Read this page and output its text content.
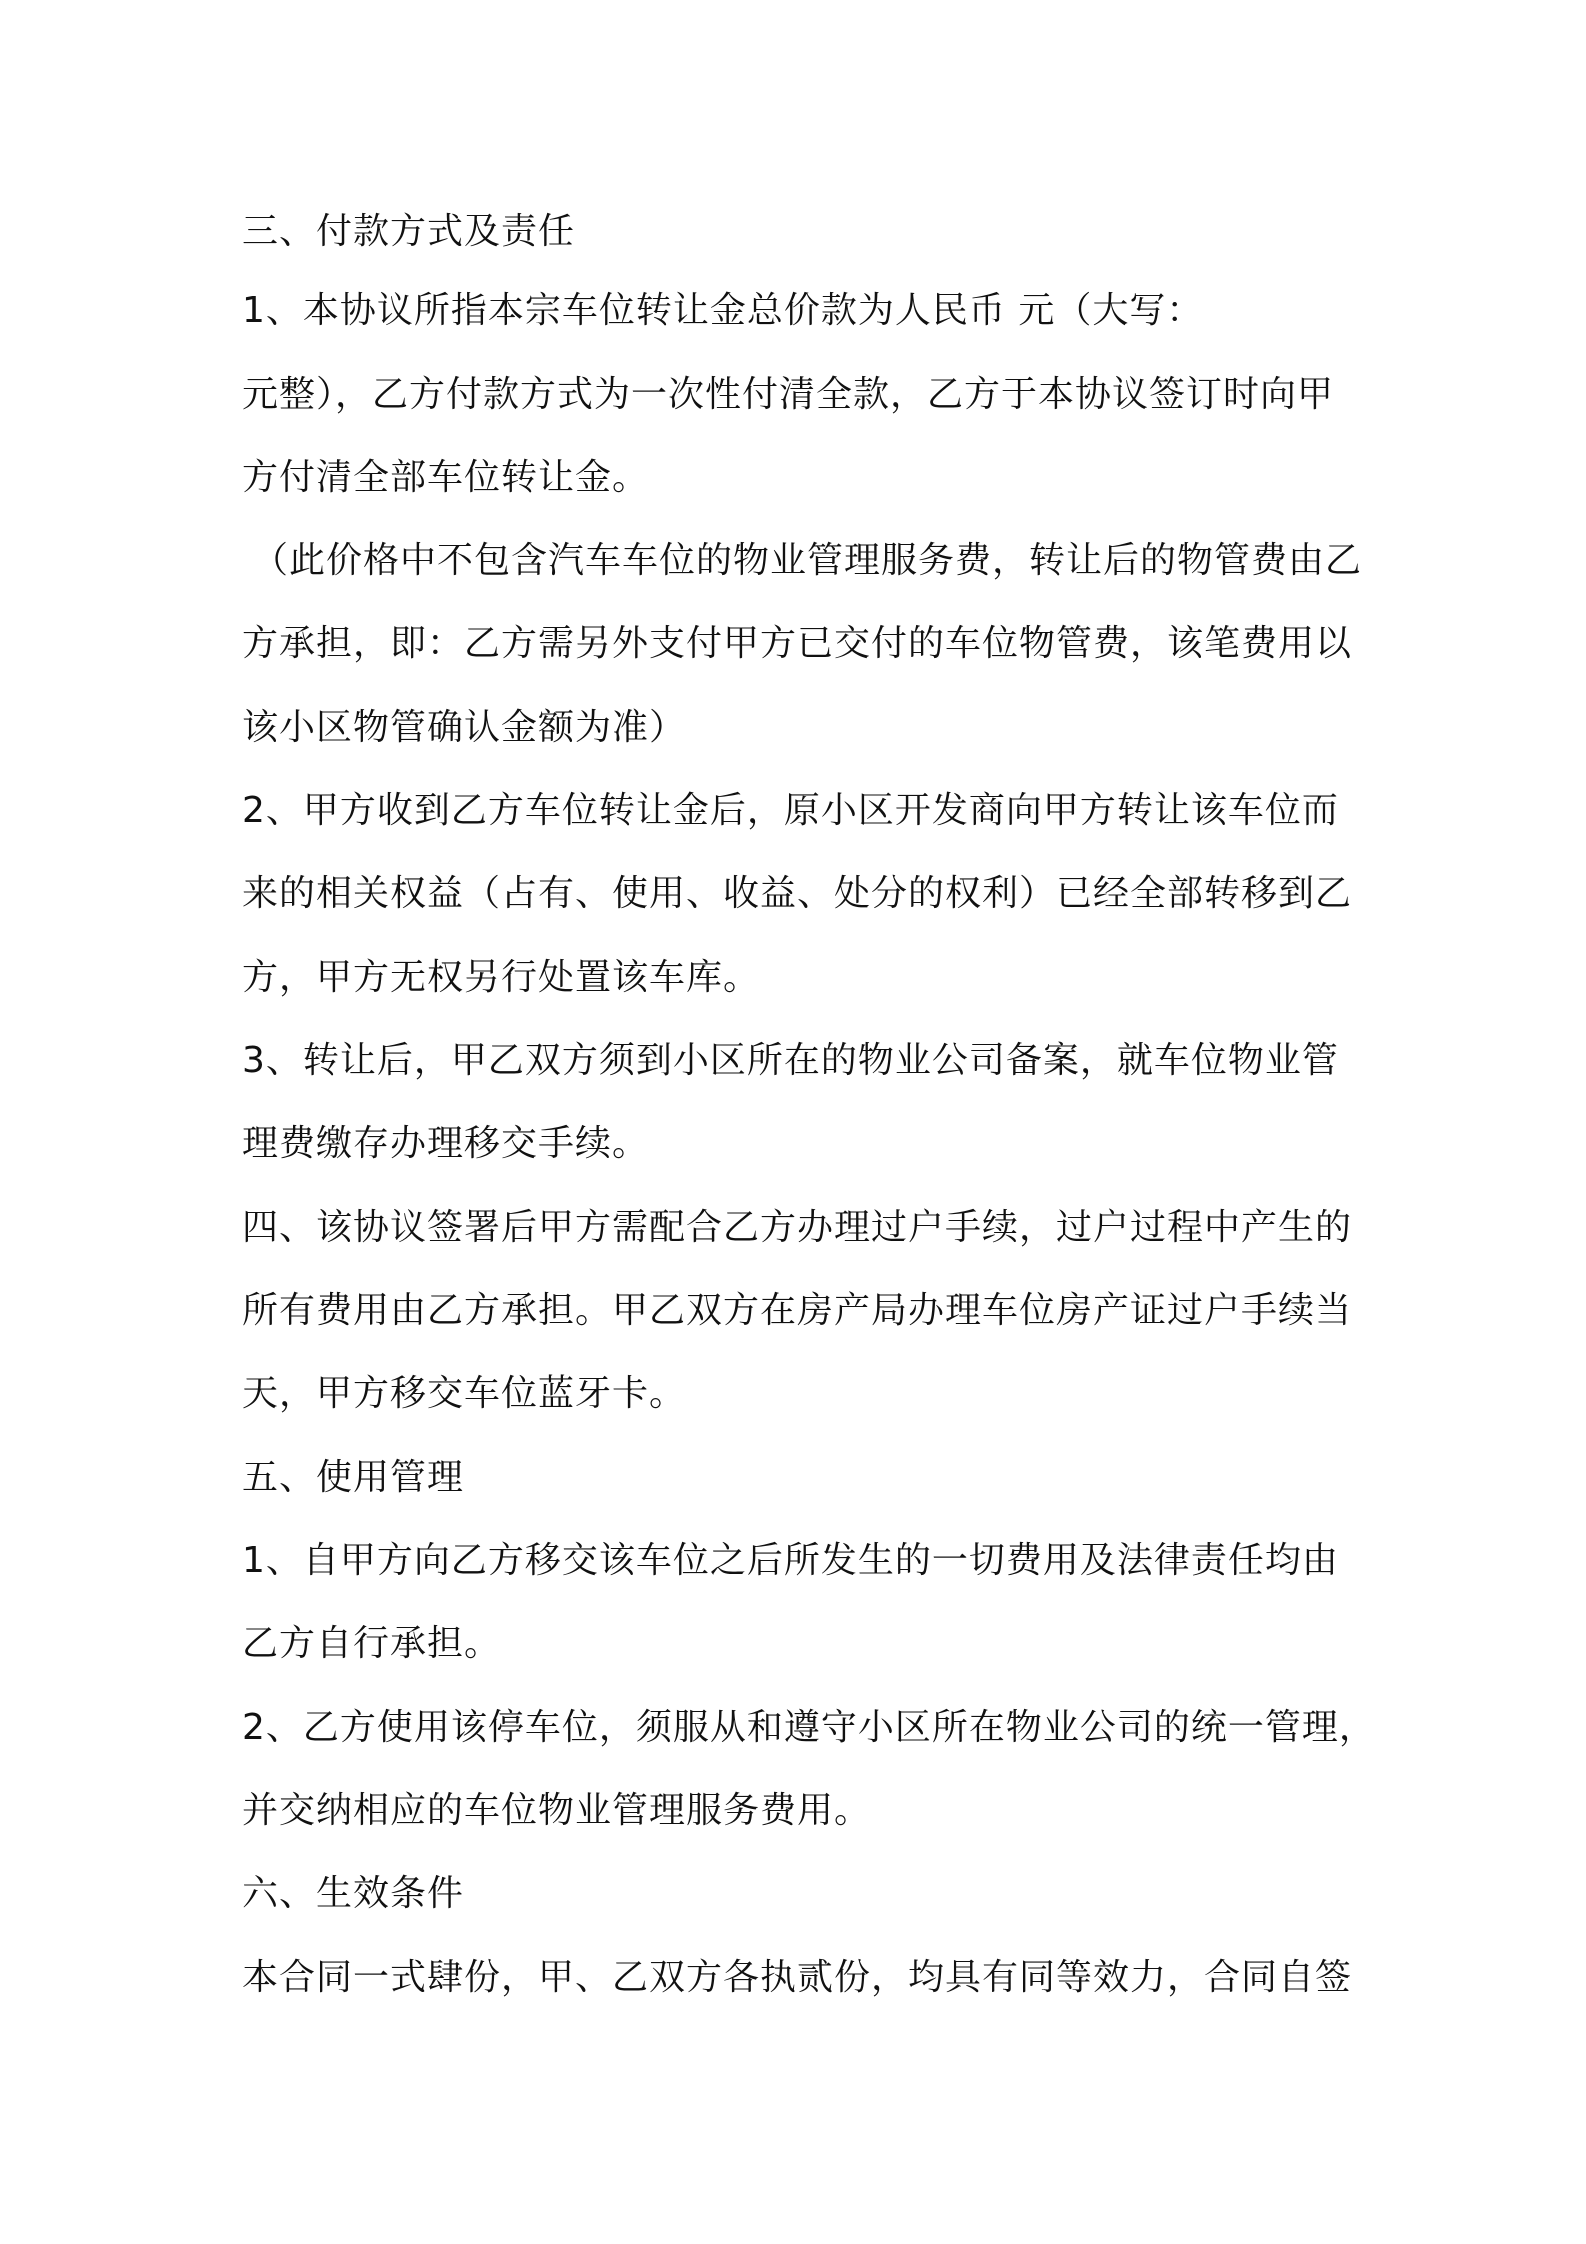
三、付款方式及责任
1、本协议所指本宗车位转让金总价款为人民币 元（大写：
元整），乙方付款方式为一次性付清全款，乙方于本协议签订时向甲
方付清全部车位转让金。
（此价格中不包含汽车车位的物业管理服务费，转让后的物管费由乙
方承担，即：乙方需另外支付甲方已交付的车位物管费，该笔费用以
该小区物管确认金额为准）
2、甲方收到乙方车位转让金后，原小区开发商向甲方转让该车位而
来的相关权益（占有、使用、收益、处分的权利）已经全部转移到乙
方，甲方无权另行处置该车库。
3、转让后，甲乙双方须到小区所在的物业公司备案，就车位物业管
理费缴存办理移交手续。
四、该协议签署后甲方需配合乙方办理过户手续，过户过程中产生的
所有费用由乙方承担。甲乙双方在房产局办理车位房产证过户手续当
天，甲方移交车位蓝牙卡。
五、使用管理
1、自甲方向乙方移交该车位之后所发生的一切费用及法律责任均由
乙方自行承担。
2、乙方使用该停车位，须服从和遵守小区所在物业公司的统一管理，
并交纳相应的车位物业管理服务费用。
六、生效条件
本合同一式肆份，甲、乙双方各执贰份，均具有同等效力，合同自签
